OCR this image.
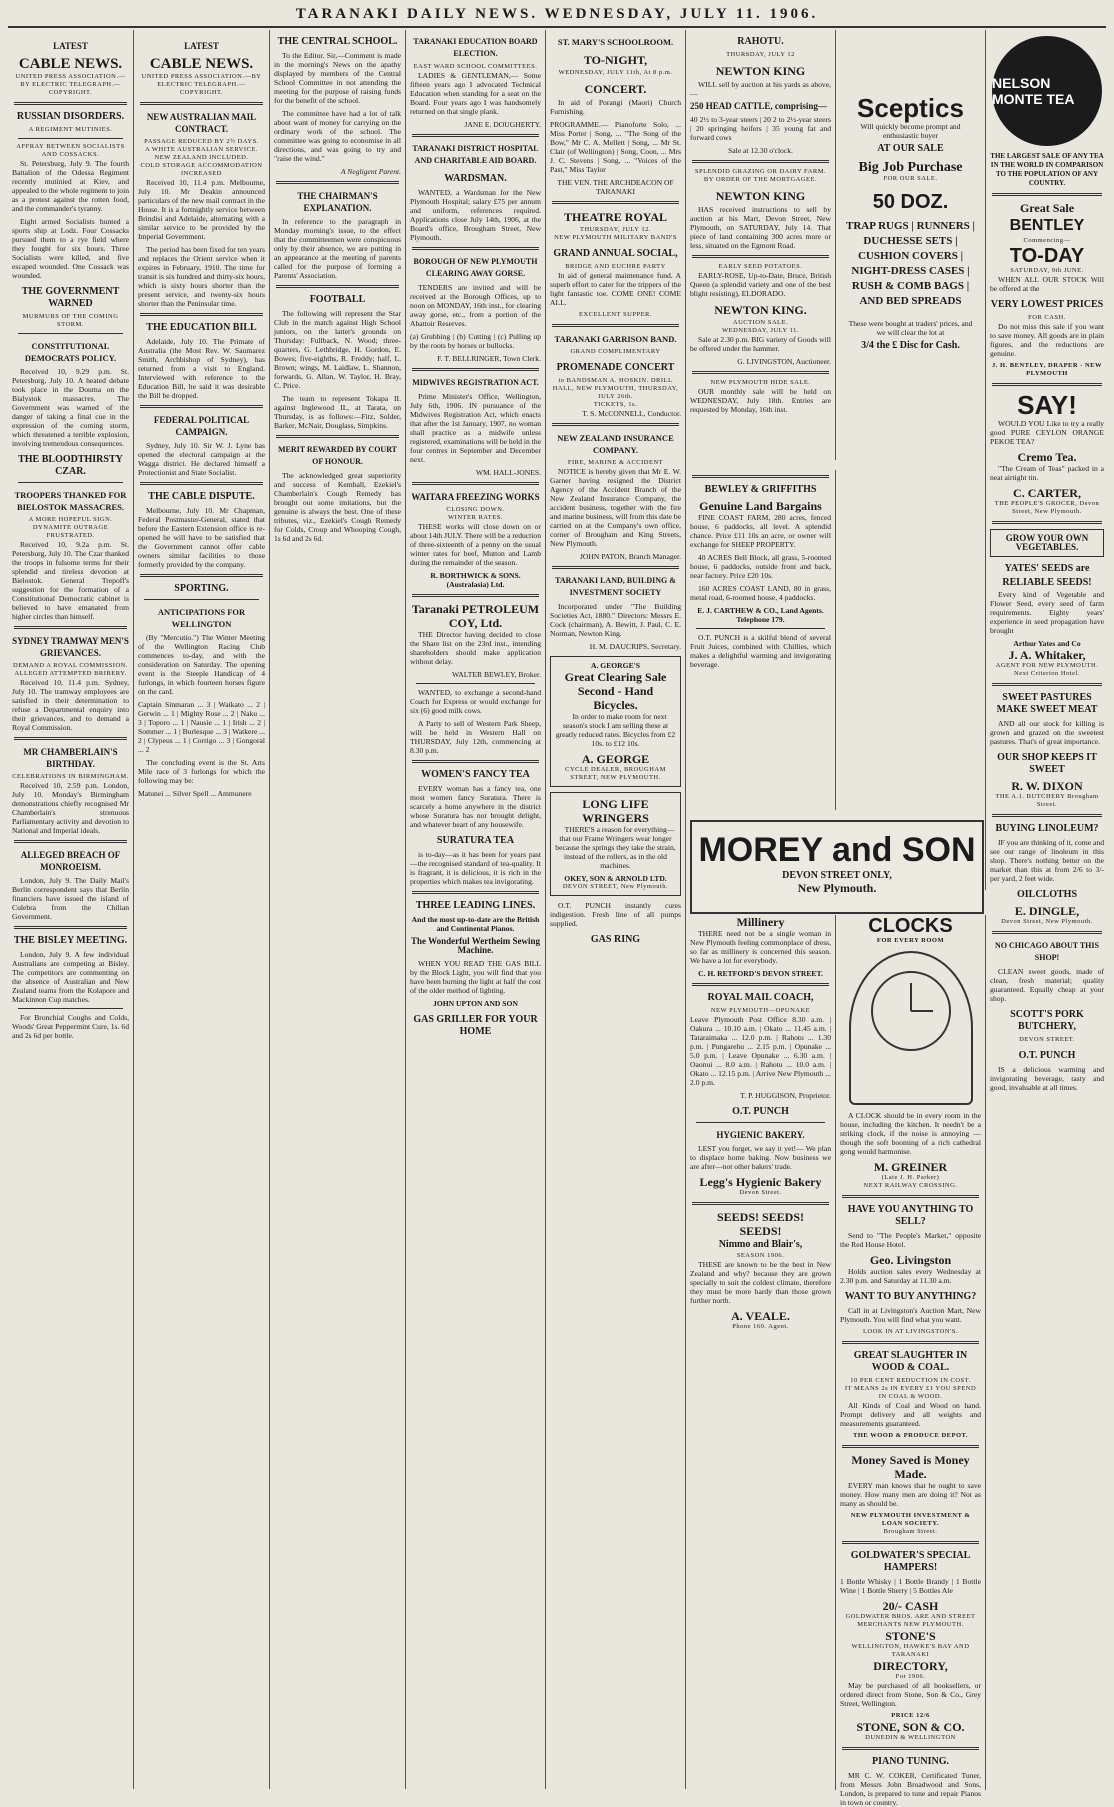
TARANAKI DAILY NEWS. WEDNESDAY, JULY 11. 1906.
LATEST
CABLE NEWS.
UNITED PRESS ASSOCIATION.—BY ELECTRIC TELEGRAPH.—COPYRIGHT.
RUSSIAN DISORDERS.
A REGIMENT MUTINIES.
AFFRAY BETWEEN SOCIALISTS AND COSSACKS.

St. Petersburg, July 9. The fourth Battalion of the Odessa Regiment recently mutinied at Kiev, and appealed to the whole regiment to join as a protest against the rotten food, and the commander's tyranny.

Eight armed Socialists hunted a sports ship at Lodz. Four Cossacks pursued them to a rye field where they fought for six hours. Three Socialists were killed, and five escaped wounded. One Cossack was wounded.

THE GOVERNMENT WARNED
MURMURS OF THE COMING STORM.
CONSTITUTIONAL DEMOCRATS POLICY.

Received 10, 9.29 p.m. St. Petersburg, July 10. A heated debate took place in the Douma on the Bialystok massacres. The Government was warned of the danger of taking a final cue in the expression of the coming storm, which threatened a terrible explosion, involving tremendous consequences.

THE BLOODTHIRSTY CZAR.
TROOPERS THANKED FOR BIELOSTOK MASSACRES.
A MORE HOPEFUL SIGN.
DYNAMITE OUTRAGE FRUSTRATED.

Received 10, 9.2a p.m. St. Petersburg, July 10. The Czar thanked the troops in fulsome terms for their splendid and tireless devotion at Bielostok. General Trepoff's suggestion for the formation of a Constitutional Democratic cabinet is believed to have emanated from higher circles than himself.

SYDNEY TRAMWAY MEN'S GRIEVANCES.
DEMAND A ROYAL COMMISSION.
ALLEGED ATTEMPTED BRIBERY.

Received 10, 11.4 p.m. Sydney, July 10. The tramway employees are satisfied in their determination to refuse a Departmental enquiry into their grievances, and to demand a Royal Commission.

MR CHAMBERLAIN'S BIRTHDAY.
CELEBRATIONS IN BIRMINGHAM.

Received 10, 2.59 p.m. London, July 10. Monday's Birmingham demonstrations chiefly recognised Mr Chamberlain's strenuous Parliamentary activity and devotion to National and Imperial ideals.

ALLEGED BREACH OF MONROEISM.

London, July 9. The Daily Mail's Berlin correspondent says that Berlin financiers have issued the island of Culebra from the Chilian Government.

THE BISLEY MEETING.

London, July 9. A few individual Australians are competing at Bisley. The competitors are commenting on the absence of Australian and New Zealand teams from the Kolapore and Mackinnon Cup matches.

For Bronchial Coughs and Colds, Woods' Great Peppermint Cure, 1s. 6d and 2s 6d per bottle.

LATEST
CABLE NEWS.
UNITED PRESS ASSOCIATION.—BY ELECTRIC TELEGRAPH.—COPYRIGHT.
NEW AUSTRALIAN MAIL CONTRACT.
PASSAGE REDUCED BY 2½ DAYS.
A WHITE AUSTRALIAN SERVICE.
NEW ZEALAND INCLUDED.
COLD STORAGE ACCOMMODATION INCREASED

Received 10, 11.4 p.m. Melbourne, July 10. Mr Deakin announced particulars of the new mail contract in the House. It is a fortnightly service between Brindisi and Adelaide, alternating with a similar service to be provided by the Imperial Government.

The period has been fixed for ten years and replaces the Orient service when it expires in February, 1910. The time for transit is six hundred and thirty-six hours, which is sixty hours shorter than the present service, and twenty-six hours shorter than the Peninsular time.

THE EDUCATION BILL

Adelaide, July 10. The Primate of Australia (the Most Rev. W. Saumarez Smith, Archbishop of Sydney), has returned from a visit to England. Interviewed with reference to the Education Bill, he said it was desirable the Bill be dropped.

FEDERAL POLITICAL CAMPAIGN.

Sydney, July 10. Sir W. J. Lyne has opened the electoral campaign at the Wagga district. He declared himself a Protectionist and State Socialist.

THE CABLE DISPUTE.

Melbourne, July 10. Mr Chapman, Federal Postmaster-General, stated that before the Eastern Extension office is re-opened he will have to be satisfied that the Government cannot offer cable owners similar facilities to those formerly provided by the company.

SPORTING.
ANTICIPATIONS FOR WELLINGTON

(By "Mercutio.") The Winter Meeting of the Wellington Racing Club commences to-day, and with the consideration on Saturday. The opening event is the Steeple Handicap of 4 furlongs, in which fourteen horses figure on the card.

Captain Sinmaran ... 3 | Waikato ... 2 | Gerwin ... 1 | Mighty Rose ... 2 | Naku ... 3 | Toporo ... 1 | Nausie ... 1 | Irish ... 2 | Sommer ... 1 | Burlesque ... 3 | Watkere ... 2 | Clypeus ... 1 | Corrigo ... 3 | Gongoral ... 2

The concluding event is the St. Arts Mile race of 3 furlongs for which the following may be:

Matunei ... Silver Spell ... Ammunere

THE CENTRAL SCHOOL.

To the Editor. Sir,—Comment is made in the morning's News on the apathy displayed by members of the Central School Committee in not attending the meeting for the purpose of raising funds for the benefit of the school.

The committee have had a lot of talk about want of money for carrying on the ordinary work of the school. The committee was going to economise in all directions, and was going to try and "raise the wind."

A Negligent Parent.

THE CHAIRMAN'S EXPLANATION.

In reference to the paragraph in Monday morning's issue, to the effect that the committeemen were conspicuous only by their absence, we are putting in an appearance at the meeting of parents called for the purpose of forming a Parents' Association.

FOOTBALL

The following will represent the Star Club in the match against High School juniors, on the latter's grounds on Thursday: Fullback, N. Wood; three-quarters, G. Lethbridge, H. Gordon, E. Bowes; five-eighths, R. Freddy; half, L. Brown; wings, M. Laidlaw, L. Shannon, forwards, G. Allan, W. Taylor, H. Bray, C. Price.

The team to represent Tokapa II. against Inglewood II., at Tarata, on Thursday, is as follows:—Fitz, Solder, Barker, McNair, Douglass, Simpkins.

MERIT REWARDED BY COURT OF HONOUR.

The acknowledged great superiority and success of Kemball, Ezekiel's Chamberlain's Cough Remedy has brought out some imitations, but the genuine is always the best. One of these tributes, viz., Ezekiel's Cough Remedy for Colds, Croup and Whooping Cough, 1s 6d and 2s 6d.

TARANAKI EDUCATION BOARD ELECTION.
EAST WARD SCHOOL COMMITTEES.

LADIES & GENTLEMAN,— Some fifteen years ago I advocated Technical Education when standing for a seat on the Board. Four years ago I was handsomely returned on that single plank.

JANE E. DOUGHERTY.

TARANAKI DISTRICT HOSPITAL AND CHARITABLE AID BOARD.
WARDSMAN.

WANTED, a Wardsman for the New Plymouth Hospital; salary £75 per annum and uniform, references required. Applications close July 14th, 1906, at the Board's office, Brougham Street, New Plymouth.

BOROUGH OF NEW PLYMOUTH CLEARING AWAY GORSE.

TENDERS are invited and will be received at the Borough Offices, up to noon on MONDAY, 16th inst., for clearing away gorse, etc., from a portion of the Abattoir Reserves.

(a) Grubbing | (b) Cutting | (c) Pulling up by the roots by horses or bullocks.

F. T. BELLRINGER, Town Clerk.

MIDWIVES REGISTRATION ACT.

Prime Minister's Office, Wellington, July 6th, 1906. IN pursuance of the Midwives Registration Act, which enacts that after the 1st January, 1907, no woman shall practice as a midwife unless registered, examinations will be held in the four centres in September and December next.

WM. HALL-JONES.

WAITARA FREEZING WORKS
CLOSING DOWN.
WINTER RATES.

THESE works will close down on or about 14th JULY. There will be a reduction of three-sixteenth of a penny on the usual winter rates for beef, Mutton and Lamb during the remainder of the season.

R. BORTHWICK & SONS. (Australasia) Ltd.

Taranaki PETROLEUM COY, Ltd.

THE Director having decided to close the Share list on the 23rd inst., intending shareholders should make application without delay.

WALTER BEWLEY, Broker.

WANTED, to exchange a second-hand Coach for Express or would exchange for six (6) good milk cows.

A Party to sell of Western Park Sheep, will be held in Western Hall on THURSDAY, July 12th, commencing at 8.30 p.m.

WOMEN'S FANCY TEA

EVERY woman has a fancy tea, one most women fancy Suratura. There is scarcely a home anywhere in the district whose Suratura has not brought delight, and whatever heart of any housewife.

SURATURA TEA

is to-day—as it has been for years past—the recognised standard of tea-quality. It is fragrant, it is delicious, it is rich in the properties which makes tea invigorating.

THREE LEADING LINES.

And the most up-to-date are the British and Continental Pianos.

The Wonderful Wertheim Sewing Machine.

WHEN YOU READ THE GAS BILL by the Block Light, you will find that you have been burning the light at half the cost of the older method of lighting.

JOHN UPTON AND SON

GAS GRILLER FOR YOUR HOME
ST. MARY'S SCHOOLROOM.
TO-NIGHT,
WEDNESDAY, JULY 11th, At 8 p.m.
CONCERT.

In aid of Porangi (Maori) Church Furnishing.

PROGRAMME.— Pianoforte Solo, ... Miss Porter | Song, ... "The Song of the Bow," Mr C. A. Mellett | Song, ... Mr St. Clair (of Wellington) | Song, Coon, ... Mrs J. C. Stevens | Song, ... "Voices of the Past," Miss Taylor

THE VEN. THE ARCHDEACON OF TARANAKI

THEATRE ROYAL
THURSDAY, JULY 12.
NEW PLYMOUTH MILITARY BAND'S
GRAND ANNUAL SOCIAL,
BRIDGE AND EUCHRE PARTY

In aid of general maintenance fund. A superb effort to cater for the trippers of the light fantastic toe. COME ONE! COME ALL.

EXCELLENT SUPPER.
TARANAKI GARRISON BAND.
GRAND COMPLIMENTARY
PROMENADE CONCERT
to BANDSMAN A. HOSKIN. DRILL HALL, NEW PLYMOUTH, THURSDAY, JULY 26th.
TICKETS, 1s.

T. S. McCONNELL, Conductor.

NEW ZEALAND INSURANCE COMPANY.
FIRE, MARINE & ACCIDENT

NOTICE is hereby given that Mr E. W. Garner having resigned the District Agency of the Accident Branch of the New Zealand Insurance Company, the accident business, together with the fire and marine business, will from this date be carried on at the Company's own office, corner of Brougham and King Streets, New Plymouth.

JOHN PATON, Branch Manager.

TARANAKI LAND, BUILDING & INVESTMENT SOCIETY

Incorporated under "The Building Societies Act, 1880." Directors: Messrs E. Cock (chairman), A. Bewitt, J. Paul, C. E. Norman, Newton King.

H. M. DAUCRIPS, Secretary.

A. GEORGE'S
Great Clearing Sale
Second - Hand Bicycles.

In order to make room for next season's stock I am selling these at greatly reduced rates. Bicycles from £2 10s. to £12 10s.

A. GEORGE
CYCLE DEALER, BROUGHAM STREET, NEW PLYMOUTH.
LONG LIFE WRINGERS

THERE'S a reason for everything— that our Frame Wringers wear longer because the springs they take the strain, instead of the rollers, as in the old machines.

OKEY, SON & ARNOLD LTD.
DEVON STREET, New Plymouth.

O.T. PUNCH instantly cures indigestion. Fresh line of all pumps supplied.

GAS RING
RAHOTU.
THURSDAY, JULY 12
NEWTON KING

WILL sell by auction at his yards as above,—

250 HEAD CATTLE, comprising—

40 2½ to 3-year steers | 20 2 to 2½-year steers | 20 springing heifers | 35 young fat and forward cows

Sale at 12.30 o'clock.

SPLENDID GRAZING OR DAIRY FARM.
BY ORDER OF THE MORTGAGEE.
NEWTON KING

HAS received instructions to sell by auction at his Mart, Devon Street, New Plymouth, on SATURDAY, July 14. That piece of land containing 300 acres more or less, situated on the Egmont Road.

EARLY SEED POTATOES.

EARLY-ROSE, Up-to-Date, Bruce, British Queen (a splendid variety and one of the best blight resisting), ELDORADO.

NEWTON KING.
AUCTION SALE.
WEDNESDAY, JULY 11.

Sale at 2.30 p.m. BIG variety of Goods will be offered under the hammer.

G. LIVINGSTON, Auctioneer.

NEW PLYMOUTH HIDE SALE.

OUR monthly sale will be held on WEDNESDAY, July 18th. Entries are requested by Monday, 16th inst.

Sceptics

Will quickly become prompt and enthusiastic buyer

AT OUR SALE
Big Job Purchase
FOR OUR SALE.
50 DOZ.
TRAP RUGS | RUNNERS | DUCHESSE SETS | CUSHION COVERS | NIGHT-DRESS CASES | RUSH & COMB BAGS | AND BED SPREADS

These were bought at traders' prices, and we will clear the lot at

3/4 the £ Disc for Cash.
MOREY and SON
DEVON STREET ONLY,
New Plymouth.
BEWLEY & GRIFFITHS
Genuine Land Bargains

FINE COAST FARM, 280 acres, fenced house, 6 paddocks, all level. A splendid chance. Price £11 10s an acre, or owner will exchange for SHEEP PROPERTY.

40 ACRES Bell Block, all grass, 5-roomed house, 6 paddocks, outside front and back, near factory. Price £20 10s.

160 ACRES COAST LAND, 80 in grass, metal road, 6-roomed house, 4 paddocks.

E. J. CARTHEW & CO., Land Agents. Telephone 179.

O.T. PUNCH is a skilful blend of several Fruit Juices, combined with Chillies, which makes a delightful warming and invigorating beverage.

Millinery

THERE need not be a single woman in New Plymouth feeling commonplace of dress, so far as millinery is concerned this season. We have a lot for everybody.

C. H. RETFORD'S DEVON STREET.

ROYAL MAIL COACH,
NEW PLYMOUTH—OPUNAKE

Leave Plymouth Post Office 8.30 a.m. | Oakura ... 10.10 a.m. | Okato ... 11.45 a.m. | Tataraimaka ... 12.0 p.m. | Rahotu ... 1.30 p.m. | Pungarehu ... 2.15 p.m. | Opunake ... 5.0 p.m. | Leave Opunake ... 6.30 a.m. | Oaonui ... 8.0 a.m. | Rahotu ... 10.0 a.m. | Okato ... 12.15 p.m. | Arrive New Plymouth ... 2.0 p.m.

T. P. HUGGISON, Proprietor.

O.T. PUNCH
HYGIENIC BAKERY.

LEST you forget, we say it yet!— We plan to displace home baking. Now business we are after—not other bakers' trade.

Legg's Hygienic Bakery
Devon Street.
SEEDS! SEEDS!
SEEDS!
Nimmo and Blair's,
SEASON 1906.

THESE are known to be the best in New Zealand and why? because they are grown specially to suit the coldest climate, therefore they must be more hardy than those grown further north.

A. VEALE.
Phone 160. Agent.
CLOCKS
FOR EVERY ROOM

A CLOCK should be in every room in the house, including the kitchen. It needn't be a striking clock, if the noise is annoying — though the soft booming of a rich cathedral gong would harmonise.

M. GREINER
(Late J. H. Parker)
NEXT RAILWAY CROSSING.
HAVE YOU ANYTHING TO SELL?

Send to "The People's Market," opposite the Red House Hotel.

Geo. Livingston

Holds auction sales every Wednesday at 2.30 p.m. and Saturday at 11.30 a.m.

WANT TO BUY ANYTHING?

Call in at Livingston's Auction Mart, New Plymouth. You will find what you want.

LOOK IN AT LIVINGSTON'S.
GREAT SLAUGHTER IN WOOD & COAL.
10 PER CENT REDUCTION IN COST.
IT MEANS 2s IN EVERY £1 YOU SPEND IN COAL & WOOD.

All Kinds of Coal and Wood on hand. Prompt delivery and all weights and measurements guaranteed.

THE WOOD & PRODUCE DEPOT.
Money Saved is Money Made.

EVERY man knows that he ought to save money. How many men are doing it? Not as many as should be.

NEW PLYMOUTH INVESTMENT & LOAN SOCIETY.
Brougham Street.
GOLDWATER'S SPECIAL HAMPERS!

1 Bottle Whisky | 1 Bottle Brandy | 1 Bottle Wine | 1 Bottle Sherry | 5 Bottles Ale

20/- CASH
GOLDWATER BROS. ARE AND STREET MERCHANTS NEW PLYMOUTH.
STONE'S
WELLINGTON, HAWKE'S BAY AND TARANAKI
DIRECTORY,
For 1906.

May be purchased of all booksellers, or ordered direct from Stone, Son & Co., Grey Street, Wellington.

PRICE 12/6
STONE, SON & CO.
DUNEDIN & WELLINGTON
PIANO TUNING.

MR C. W. COKER, Certificated Tuner, from Messrs John Broadwood and Sons, London, is prepared to tune and repair Pianos in town or country.

NELSON MONTE TEA

THE LARGEST SALE OF ANY TEA IN THE WORLD IN COMPARISON TO THE POPULATION OF ANY COUNTRY.

Great Sale
BENTLEY
Commencing—
TO-DAY
SATURDAY, 9th JUNE.

WHEN ALL OUR STOCK Will be offered at the

VERY LOWEST PRICES
FOR CASH.

Do not miss this sale if you want to save money. All goods are in plain figures, and the reductions are genuine.

J. H. BENTLEY, DRAPER - NEW PLYMOUTH
SAY!

WOULD YOU Like to try a really good PURE CEYLON ORANGE PEKOE TEA?

Cremo Tea.

"The Cream of Teas" packed in a neat airtight tin.

C. CARTER,
THE PEOPLE'S GROCER, Devon Street, New Plymouth.
GROW YOUR OWN VEGETABLES.
YATES' SEEDS are RELIABLE SEEDS!

Every kind of Vegetable and Flower Seed, every seed of farm requirements. Eighty years' experience in seed propagation have brought

Arthur Yates and Co
J. A. Whitaker,
AGENT FOR NEW PLYMOUTH.
Next Criterion Hotel.
SWEET PASTURES MAKE SWEET MEAT

AND all our stock for killing is grown and grazed on the sweetest pastures. That's of great importance.

OUR SHOP KEEPS IT SWEET
R. W. DIXON
THE A.1. BUTCHERY Brougham Street.
BUYING LINOLEUM?

IF you are thinking of it, come and see our range of linoleum in this shop. There's nothing better on the market than this at from 2/6 to 3/- per yard, 2 feet wide.

OILCLOTHS
E. DINGLE,
Devon Street, New Plymouth.
NO CHICAGO ABOUT THIS SHOP!

CLEAN sweet goods, made of clean, fresh material; quality guaranteed. Equally cheap at your shop.

SCOTT'S PORK BUTCHERY,
DEVON STREET.
O.T. PUNCH

IS a delicious warming and invigorating beverage, tasty and good, invaluable at all times.
